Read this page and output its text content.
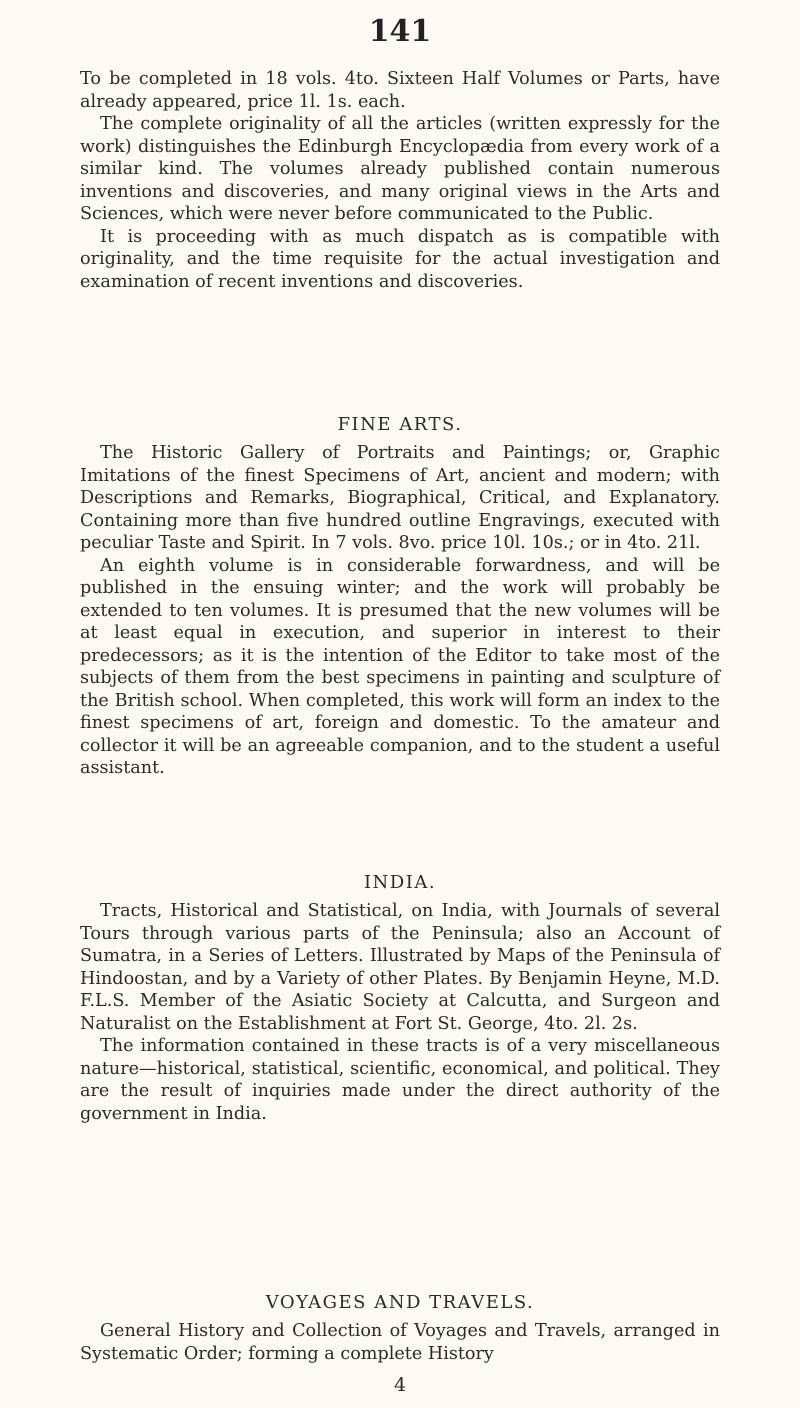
141

To be completed in 18 vols. 4to. Sixteen Half Volumes or Parts, have already appeared, price 1l. 1s. each.

The complete originality of all the articles (written expressly for the work) distinguishes the Edinburgh Encyclopædia from every work of a similar kind. The volumes already published contain numerous inventions and discoveries, and many original views in the Arts and Sciences, which were never before communicated to the Public.

It is proceeding with as much dispatch as is compatible with originality, and the time requisite for the actual investigation and examination of recent inventions and discoveries.

FINE ARTS.

The Historic Gallery of Portraits and Paintings; or, Graphic Imitations of the finest Specimens of Art, ancient and modern; with Descriptions and Remarks, Biographical, Critical, and Explanatory. Containing more than five hundred outline Engravings, executed with peculiar Taste and Spirit. In 7 vols. 8vo. price 10l. 10s.; or in 4to. 21l.

An eighth volume is in considerable forwardness, and will be published in the ensuing winter; and the work will probably be extended to ten volumes. It is presumed that the new volumes will be at least equal in execution, and superior in interest to their predecessors; as it is the intention of the Editor to take most of the subjects of them from the best specimens in painting and sculpture of the British school. When completed, this work will form an index to the finest specimens of art, foreign and domestic. To the amateur and collector it will be an agreeable companion, and to the student a useful assistant.

INDIA.

Tracts, Historical and Statistical, on India, with Journals of several Tours through various parts of the Peninsula; also an Account of Sumatra, in a Series of Letters. Illustrated by Maps of the Peninsula of Hindoostan, and by a Variety of other Plates. By Benjamin Heyne, M.D. F.L.S. Member of the Asiatic Society at Calcutta, and Surgeon and Naturalist on the Establishment at Fort St. George, 4to. 2l. 2s.

The information contained in these tracts is of a very miscellaneous nature—historical, statistical, scientific, economical, and political. They are the result of inquiries made under the direct authority of the government in India.

VOYAGES AND TRAVELS.

General History and Collection of Voyages and Travels, arranged in Systematic Order; forming a complete History

4
